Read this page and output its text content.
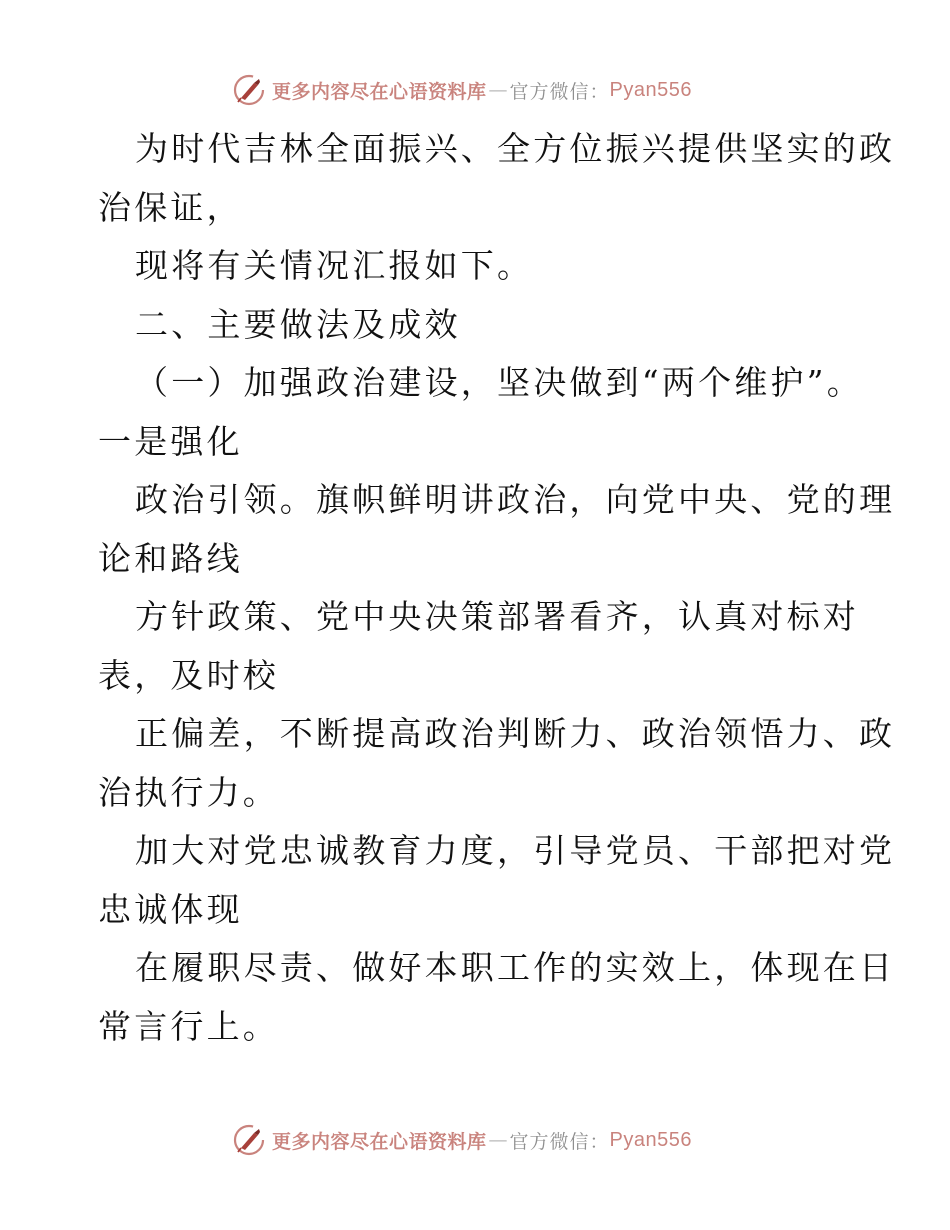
更多内容尽在心语资料库 — 官方微信： Pyan556
为时代吉林全面振兴、全方位振兴提供坚实的政
治保证，
现将有关情况汇报如下。
二、主要做法及成效
（一）加强政治建设，坚决做到“两个维护”。
一是强化
政治引领。旗帜鲜明讲政治，向党中央、党的理
论和路线
方针政策、党中央决策部署看齐，认真对标对
表，及时校
正偏差，不断提高政治判断力、政治领悟力、政
治执行力。
加大对党忠诚教育力度，引导党员、干部把对党
忠诚体现
在履职尽责、做好本职工作的实效上，体现在日
常言行上。
更多内容尽在心语资料库 — 官方微信： Pyan556
